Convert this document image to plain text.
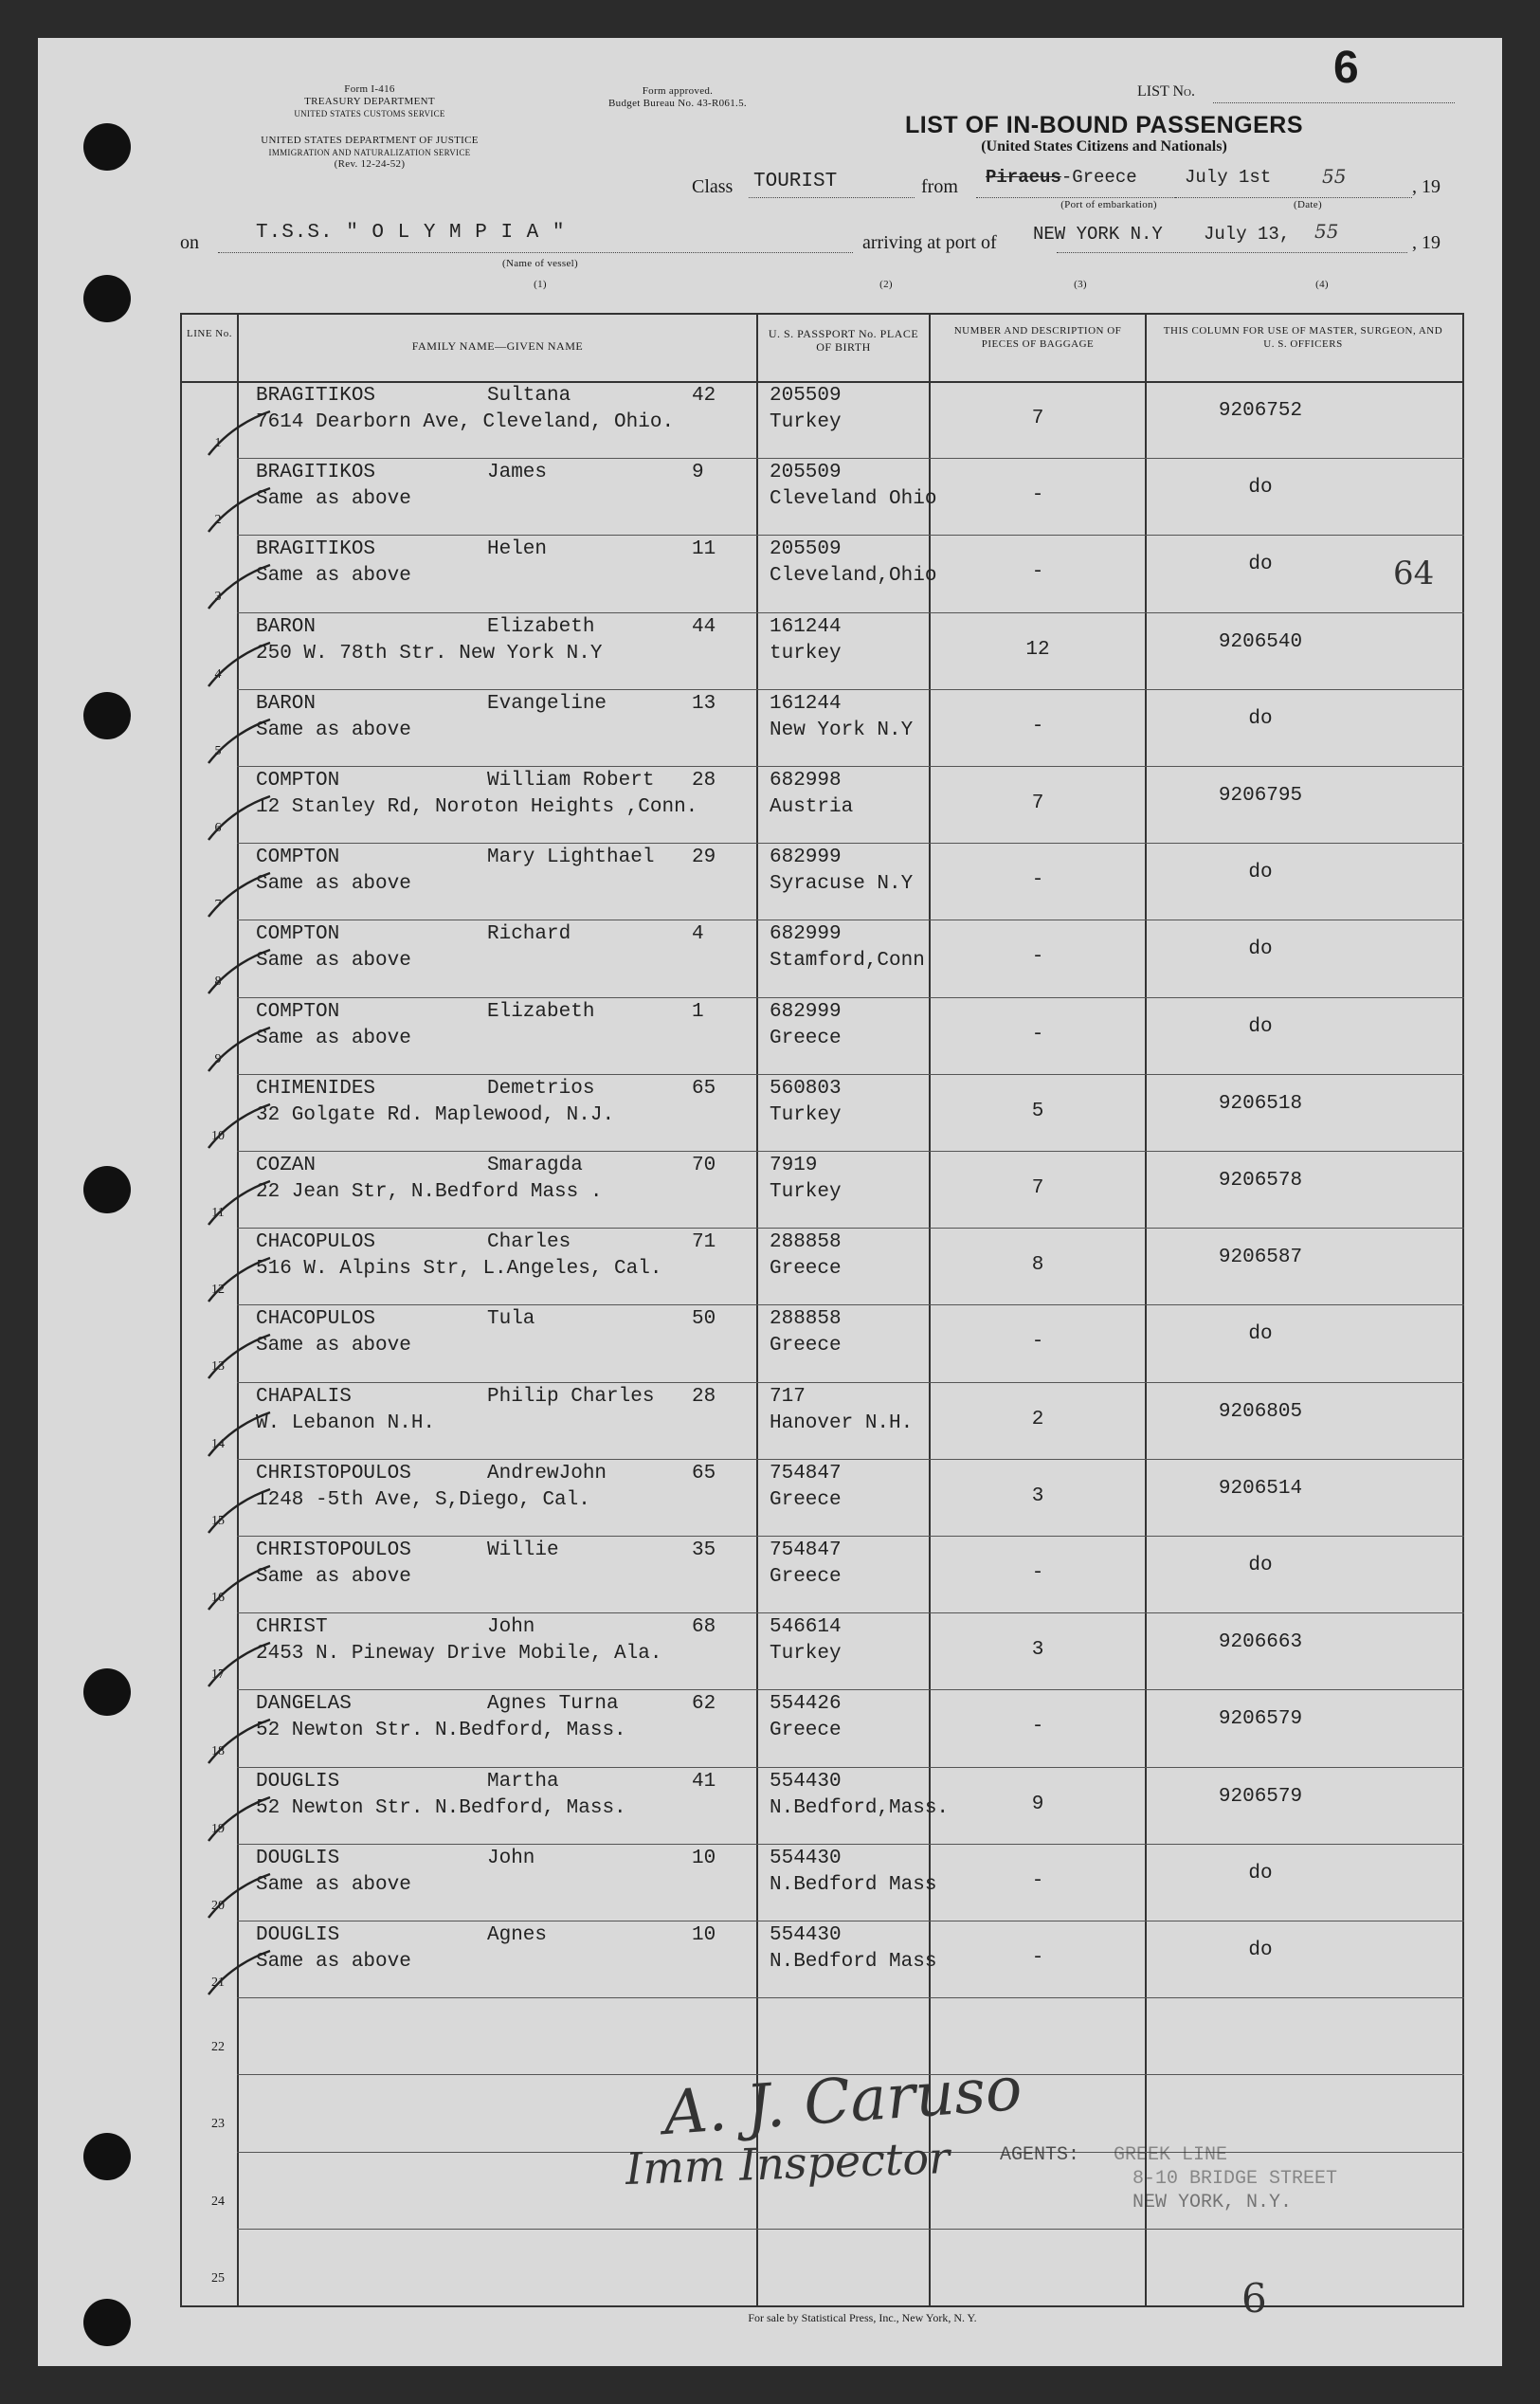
Form I-416
TREASURY DEPARTMENT
UNITED STATES CUSTOMS SERVICE
UNITED STATES DEPARTMENT OF JUSTICE
IMMIGRATION AND NATURALIZATION SERVICE
(Rev. 12-24-52)
Form approved.
Budget Bureau No. 43-R061.5.
LIST No.	6
LIST OF IN-BOUND PASSENGERS
(United States Citizens and Nationals)
Class TOURIST	from Piraeus-Greece	July 1st	55	, 19
(Port of embarkation)	(Date)
on	T.S.S. " O L Y M P I A "	arriving at port of NEW YORK N.Y July 13, 55	, 19
(Name of vessel)
(1)	(2)	(3)	(4)
LINE No.
FAMILY NAME—GIVEN NAME
U. S. PASSPORT No. PLACE OF BIRTH
NUMBER AND DESCRIPTION OF PIECES OF BAGGAGE
THIS COLUMN FOR USE OF MASTER, SURGEON, AND U. S. OFFICERS
1
BRAGITIKOS	Sultana	42
7614 Dearborn Ave, Cleveland, Ohio.
205509
Turkey	7	9206752
2
BRAGITIKOS	James	9
Same as above
205509
Cleveland Ohio	-	do
3
BRAGITIKOS	Helen	11
Same as above
205509
Cleveland,Ohio	-	do
4
BARON	Elizabeth	44
250 W. 78th Str. New York N.Y
161244
turkey	12	9206540
5
BARON	Evangeline	13
Same as above
161244
New York N.Y	-	do
6
COMPTON	William Robert 28
12 Stanley Rd, Noroton Heights ,Conn.
682998
Austria	7	9206795
7
COMPTON	Mary Lighthael 29
Same as above
682999
Syracuse N.Y	-	do
8
COMPTON	Richard	4
Same as above
682999
Stamford,Conn	-	do
9
COMPTON	Elizabeth	1
Same as above
682999
Greece	-	do
10
CHIMENIDES	Demetrios	65
32 Golgate Rd. Maplewood, N.J.
560803
Turkey	5	9206518
11
COZAN	Smaragda	70
22 Jean Str, N.Bedford Mass .
7919
Turkey	7	9206578
12
CHACOPULOS	Charles	71
516 W. Alpins Str, L.Angeles, Cal.
288858
Greece	8	9206587
13
CHACOPULOS	Tula	50
Same as above
288858
Greece	-	do
14
CHAPALIS	Philip Charles 28
W. Lebanon N.H.
717
Hanover N.H.	2	9206805
15
CHRISTOPOULOS	AndrewJohn	65
1248 -5th Ave, S,Diego, Cal.
754847
Greece	3	9206514
16
CHRISTOPOULOS	Willie	35
Same as above
754847
Greece	-	do
17
CHRIST	John	68
2453 N. Pineway Drive Mobile, Ala.
546614
Turkey	3	9206663
18
DANGELAS	Agnes Turna	62
52 Newton Str. N.Bedford, Mass.
554426
Greece	-	9206579
19
DOUGLIS	Martha	41
52 Newton Str. N.Bedford, Mass.
554430
N.Bedford,Mass.	9	9206579
20
DOUGLIS	John	10
Same as above
554430
N.Bedford Mass	-	do
21
DOUGLIS	Agnes	10
Same as above
554430
N.Bedford Mass	-	do
22
23
24
25
64
A. J. Caruso
Imm Inspector	AGENTS: GREEK LINE
8-10 BRIDGE STREET
NEW YORK, N.Y.
For sale by Statistical Press, Inc., New York, N. Y.	6
